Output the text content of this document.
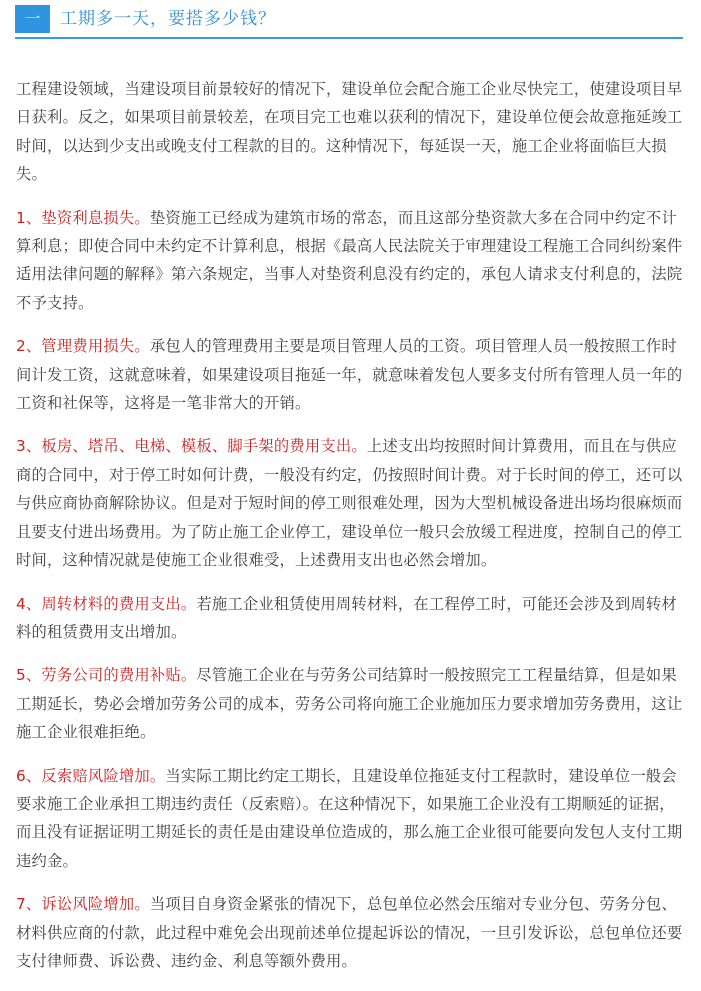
一	工期多一天，要搭多少钱？

工程建设领域，当建设项目前景较好的情况下，建设单位会配合施工企业尽快完工，使建设项目早日获利。反之，如果项目前景较差，在项目完工也难以获利的情况下，建设单位便会故意拖延竣工时间，以达到少支出或晚支付工程款的目的。这种情况下，每延误一天，施工企业将面临巨大损失。

1、垫资利息损失。垫资施工已经成为建筑市场的常态，而且这部分垫资款大多在合同中约定不计算利息；即使合同中未约定不计算利息，根据《最高人民法院关于审理建设工程施工合同纠纷案件适用法律问题的解释》第六条规定，当事人对垫资利息没有约定的，承包人请求支付利息的，法院不予支持。

2、管理费用损失。承包人的管理费用主要是项目管理人员的工资。项目管理人员一般按照工作时间计发工资，这就意味着，如果建设项目拖延一年，就意味着发包人要多支付所有管理人员一年的工资和社保等，这将是一笔非常大的开销。

3、板房、塔吊、电梯、模板、脚手架的费用支出。上述支出均按照时间计算费用，而且在与供应商的合同中，对于停工时如何计费，一般没有约定，仍按照时间计费。对于长时间的停工，还可以与供应商协商解除协议。但是对于短时间的停工则很难处理，因为大型机械设备进出场均很麻烦而且要支付进出场费用。为了防止施工企业停工，建设单位一般只会放缓工程进度，控制自己的停工时间，这种情况就是使施工企业很难受，上述费用支出也必然会增加。

4、周转材料的费用支出。若施工企业租赁使用周转材料，在工程停工时，可能还会涉及到周转材料的租赁费用支出增加。

5、劳务公司的费用补贴。尽管施工企业在与劳务公司结算时一般按照完工工程量结算，但是如果工期延长，势必会增加劳务公司的成本，劳务公司将向施工企业施加压力要求增加劳务费用，这让施工企业很难拒绝。

6、反索赔风险增加。当实际工期比约定工期长，且建设单位拖延支付工程款时，建设单位一般会要求施工企业承担工期违约责任（反索赔）。在这种情况下，如果施工企业没有工期顺延的证据，而且没有证据证明工期延长的责任是由建设单位造成的，那么施工企业很可能要向发包人支付工期违约金。

7、诉讼风险增加。当项目自身资金紧张的情况下，总包单位必然会压缩对专业分包、劳务分包、材料供应商的付款，此过程中难免会出现前述单位提起诉讼的情况，一旦引发诉讼，总包单位还要支付律师费、诉讼费、违约金、利息等额外费用。
